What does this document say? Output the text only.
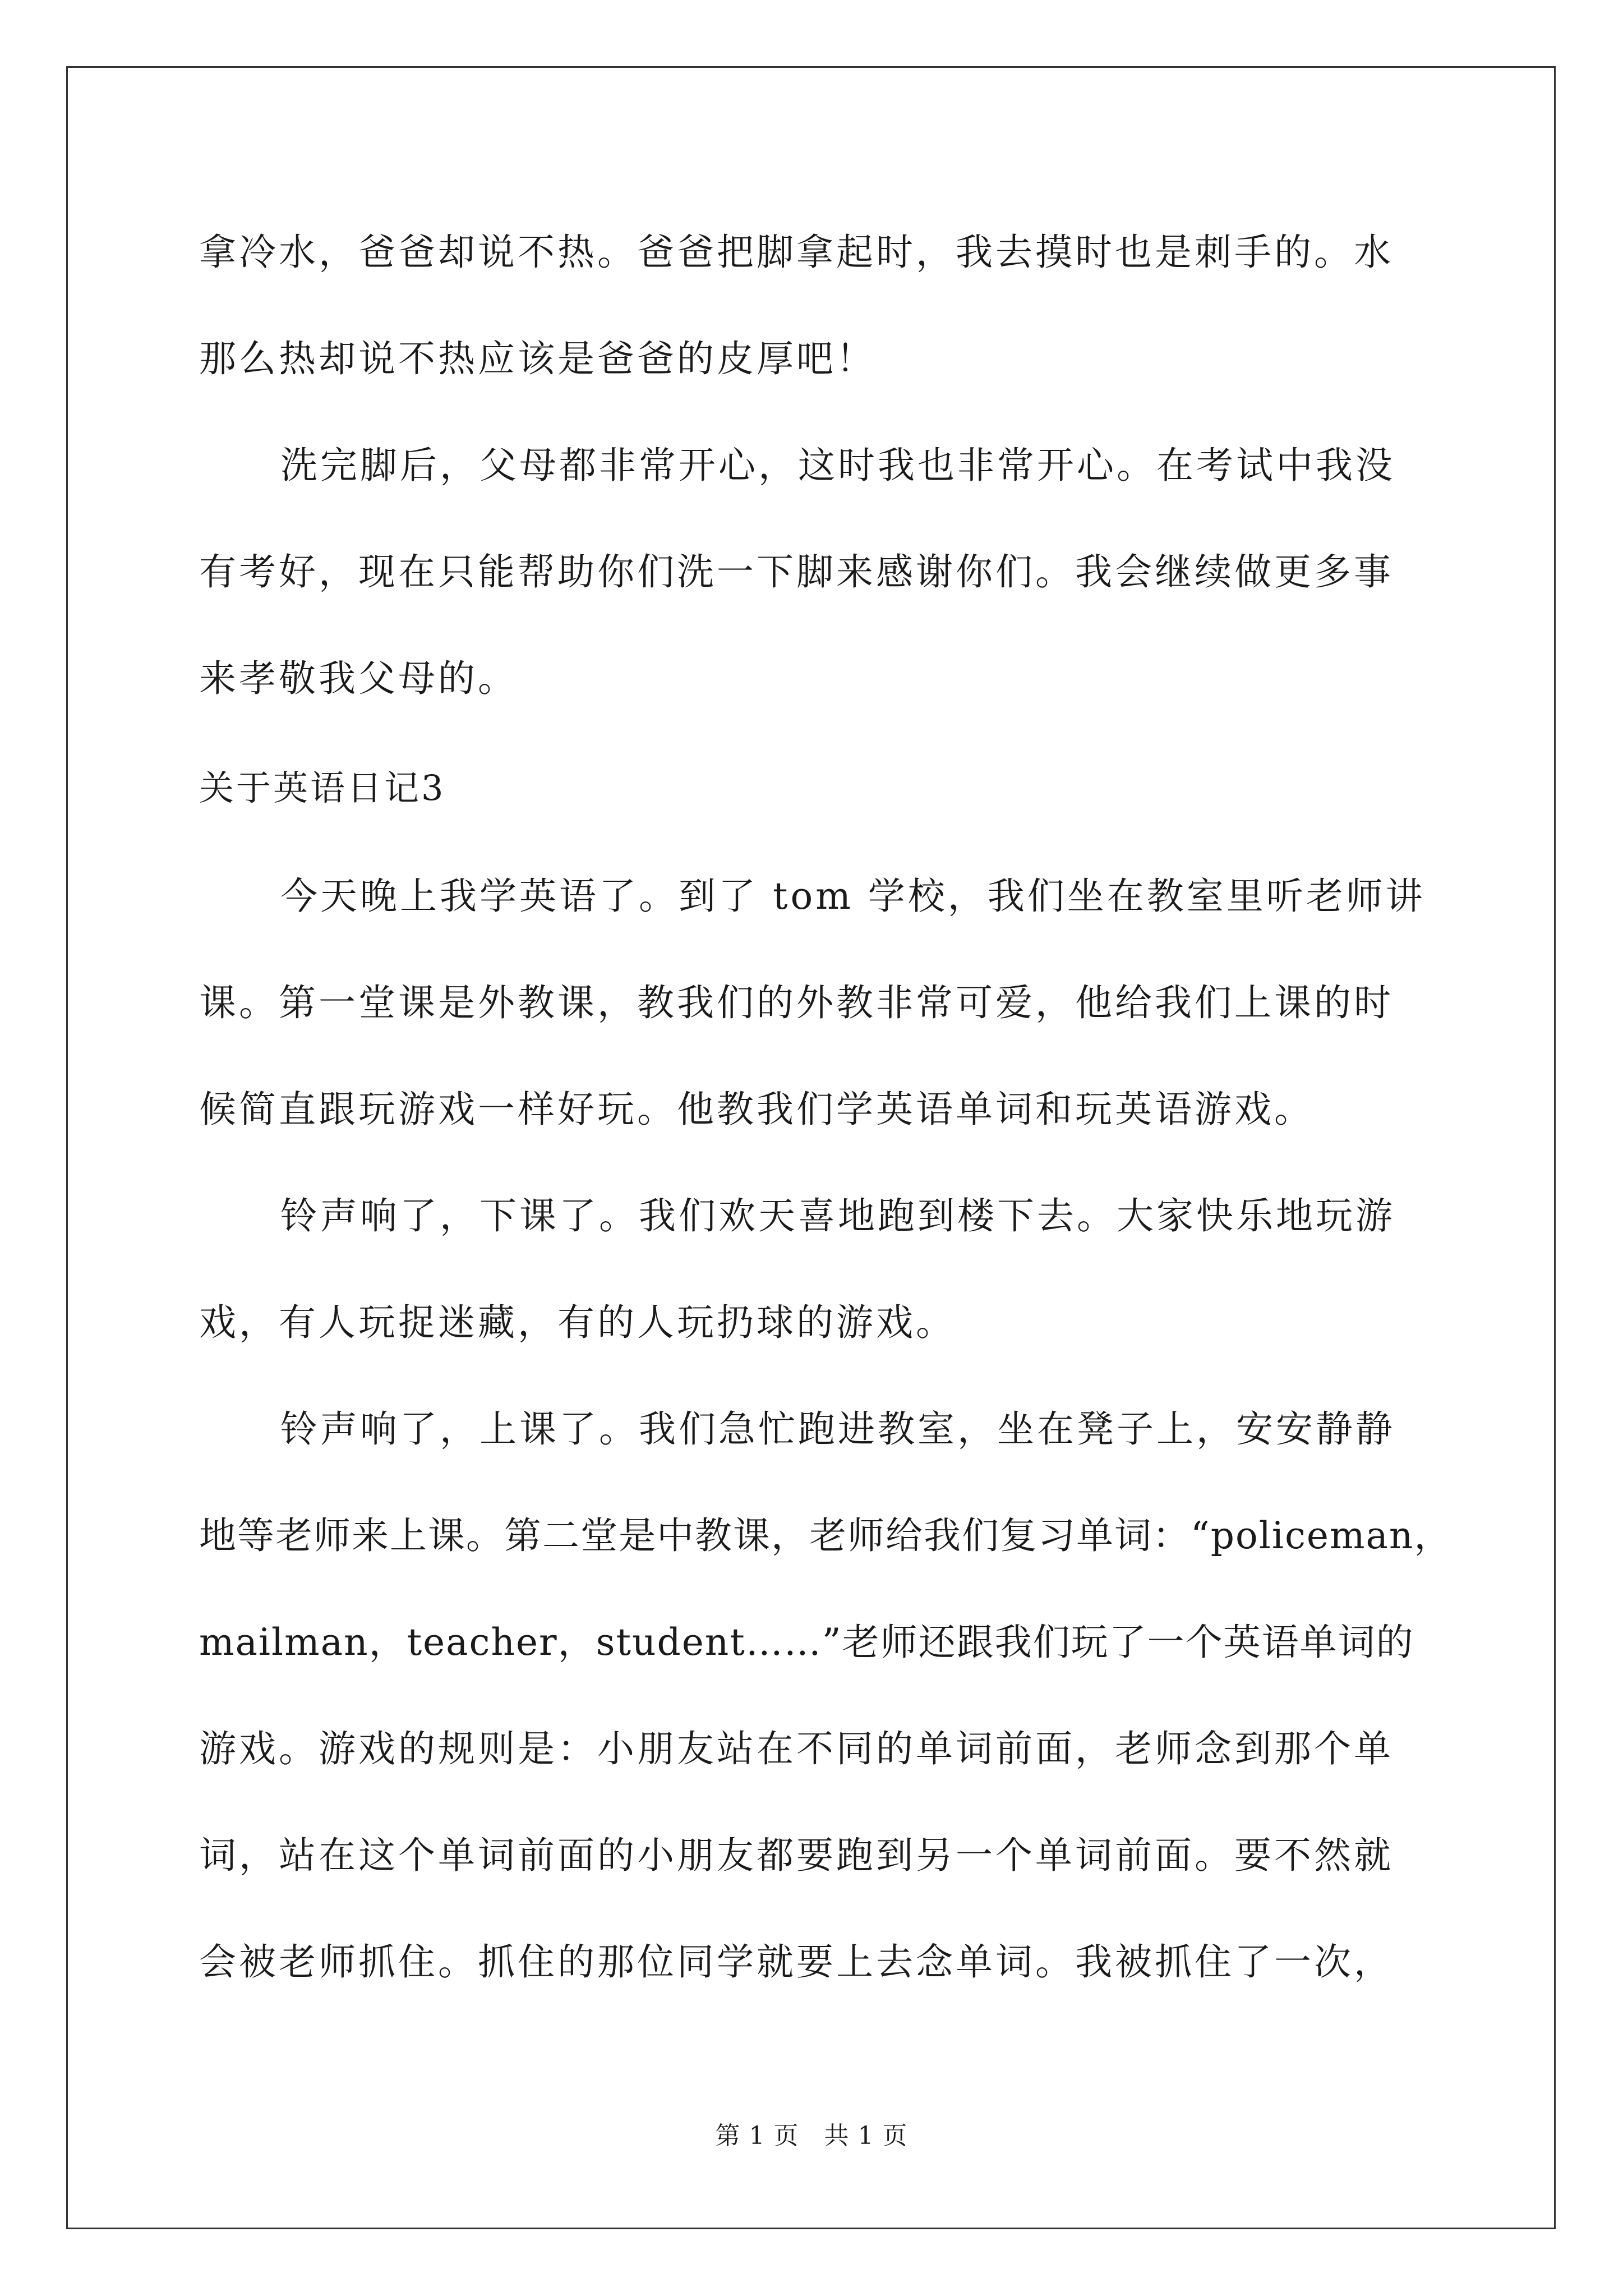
拿冷水，爸爸却说不热。爸爸把脚拿起时，我去摸时也是刺手的。水
那么热却说不热应该是爸爸的皮厚吧！
洗完脚后，父母都非常开心，这时我也非常开心。在考试中我没
有考好，现在只能帮助你们洗一下脚来感谢你们。我会继续做更多事
来孝敬我父母的。
关于英语日记3
今天晚上我学英语了。到了 tom 学校，我们坐在教室里听老师讲
课。第一堂课是外教课，教我们的外教非常可爱，他给我们上课的时
候简直跟玩游戏一样好玩。他教我们学英语单词和玩英语游戏。
铃声响了，下课了。我们欢天喜地跑到楼下去。大家快乐地玩游
戏，有人玩捉迷藏，有的人玩扔球的游戏。
铃声响了，上课了。我们急忙跑进教室，坐在凳子上，安安静静
地等老师来上课。第二堂是中教课，老师给我们复习单词：“policeman，
mailman，teacher，student……”老师还跟我们玩了一个英语单词的
游戏。游戏的规则是：小朋友站在不同的单词前面，老师念到那个单
词，站在这个单词前面的小朋友都要跑到另一个单词前面。要不然就
会被老师抓住。抓住的那位同学就要上去念单词。我被抓住了一次，
第 1 页　共 1 页
